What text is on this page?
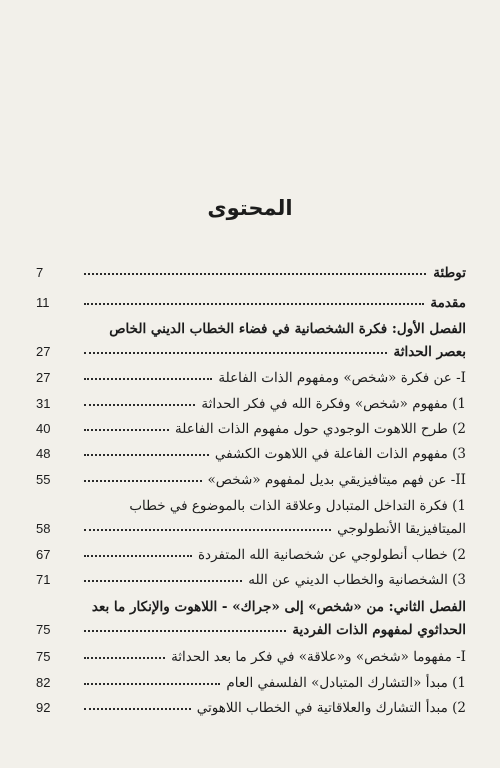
المحتوى
7	توطئة
11	مقدمة
الفصل الأول: فكرة الشخصانية في فضاء الخطاب الديني الخاص
27	بعصر الحداثة
27	I- عن فكرة «شخص» ومفهوم الذات الفاعلة
31	1) مفهوم «شخص» وفكرة الله في فكر الحداثة
40	2) طرح اللاهوت الوجودي حول مفهوم الذات الفاعلة
48	3) مفهوم الذات الفاعلة في اللاهوت الكشفي
55	II- عن فهم ميتافيزيقي بديل لمفهوم «شخص»
1) فكرة التداخل المتبادل وعلاقة الذات بالموضوع في خطاب
58	الميتافيزيقا الأنطولوجي
67	2) خطاب أنطولوجي عن شخصانية الله المتفردة
71	3) الشخصانية والخطاب الديني عن الله
الفصل الثاني: من «شخص» إلى «جراك» - اللاهوت والإنكار ما بعد
75	الحداثوي لمفهوم الذات الفردية
75	I- مفهوما «شخص» و«علاقة» في فكر ما بعد الحداثة
82	1) مبدأ «التشارك المتبادل» الفلسفي العام
92	2) مبدأ التشارك والعلاقاتية في الخطاب اللاهوتي
